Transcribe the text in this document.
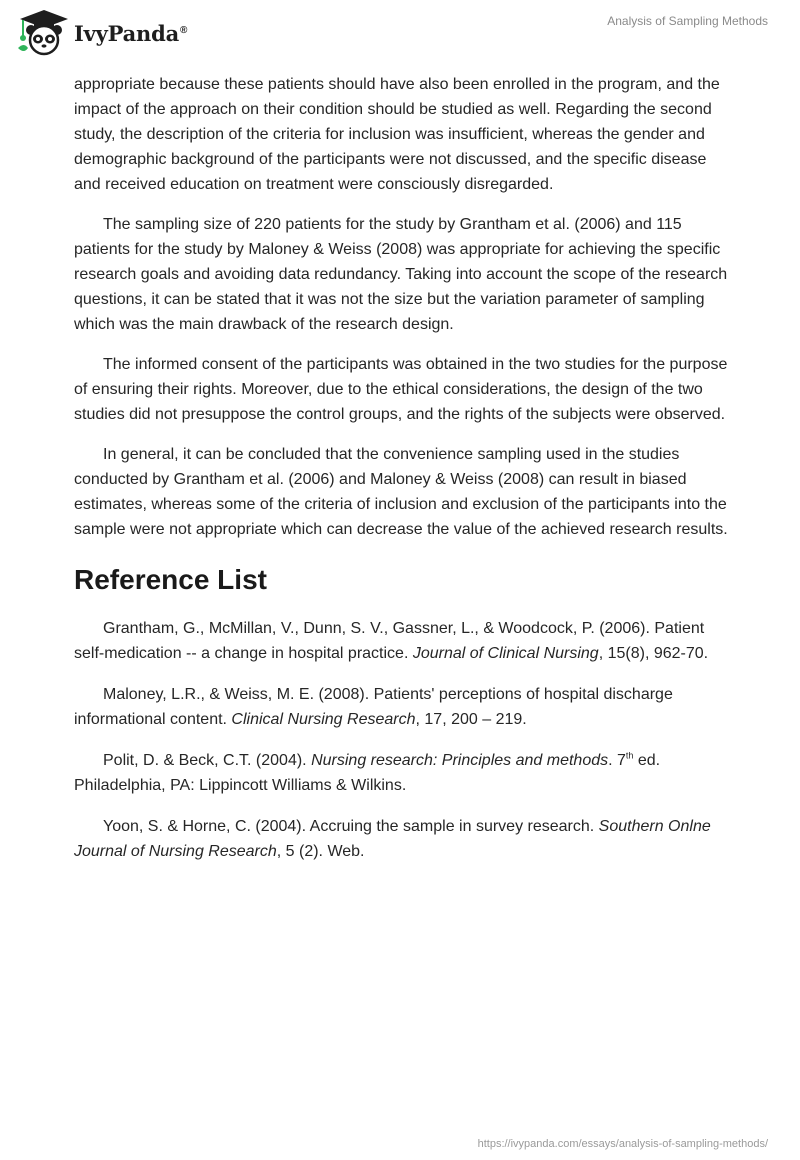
IvyPanda®
Analysis of Sampling Methods

appropriate because these patients should have also been enrolled in the program, and the impact of the approach on their condition should be studied as well. Regarding the second study, the description of the criteria for inclusion was insufficient, whereas the gender and demographic background of the participants were not discussed, and the specific disease and received education on treatment were consciously disregarded.

The sampling size of 220 patients for the study by Grantham et al. (2006) and 115 patients for the study by Maloney & Weiss (2008) was appropriate for achieving the specific research goals and avoiding data redundancy. Taking into account the scope of the research questions, it can be stated that it was not the size but the variation parameter of sampling which was the main drawback of the research design.

The informed consent of the participants was obtained in the two studies for the purpose of ensuring their rights. Moreover, due to the ethical considerations, the design of the two studies did not presuppose the control groups, and the rights of the subjects were observed.

In general, it can be concluded that the convenience sampling used in the studies conducted by Grantham et al. (2006) and Maloney & Weiss (2008) can result in biased estimates, whereas some of the criteria of inclusion and exclusion of the participants into the sample were not appropriate which can decrease the value of the achieved research results.

Reference List

Grantham, G., McMillan, V., Dunn, S. V., Gassner, L., & Woodcock, P. (2006). Patient self-medication -- a change in hospital practice. Journal of Clinical Nursing, 15(8), 962-70.

Maloney, L.R., & Weiss, M. E. (2008). Patients' perceptions of hospital discharge informational content. Clinical Nursing Research, 17, 200 – 219.

Polit, D. & Beck, C.T. (2004). Nursing research: Principles and methods. 7th ed. Philadelphia, PA: Lippincott Williams & Wilkins.

Yoon, S. & Horne, C. (2004). Accruing the sample in survey research. Southern Onlne Journal of Nursing Research, 5 (2). Web.

https://ivypanda.com/essays/analysis-of-sampling-methods/
